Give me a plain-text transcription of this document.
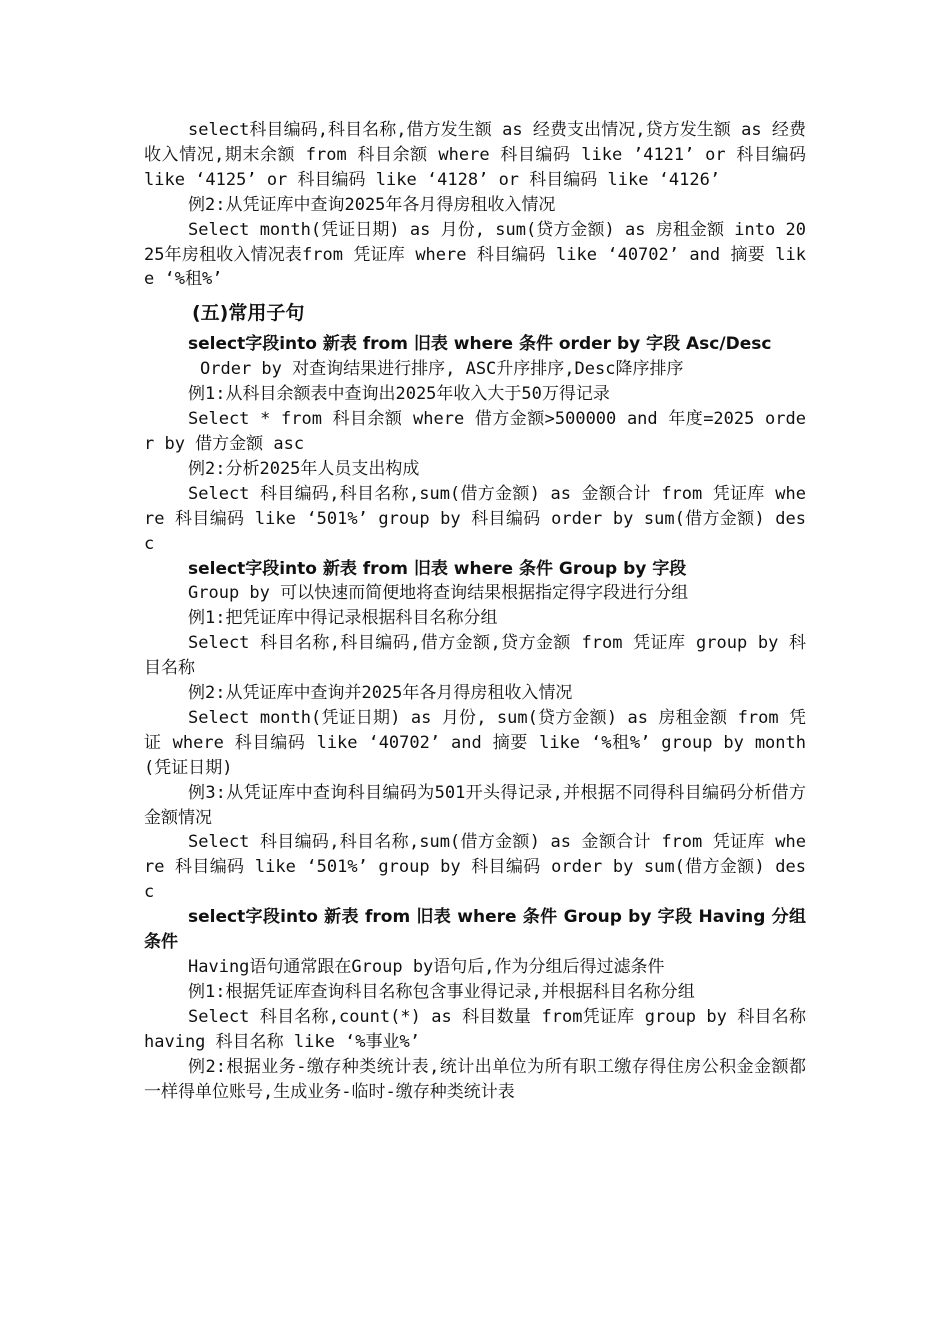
select科目编码,科目名称,借方发生额 as 经费支出情况,贷方发生额 as 经费收入情况,期末余额 from 科目余额 where 科目编码 like ’4121’ or 科目编码 like ‘4125’ or 科目编码 like ‘4128’ or 科目编码 like ‘4126’

例2:从凭证库中查询2025年各月得房租收入情况

Select month(凭证日期) as 月份, sum(贷方金额) as 房租金额 into 2025年房租收入情况表from 凭证库 where 科目编码 like ‘40702’ and 摘要 like ‘%租%’

(五)常用子句

select字段into 新表 from 旧表 where 条件 order by 字段 Asc/Desc

Order by 对查询结果进行排序, ASC升序排序,Desc降序排序

例1:从科目余额表中查询出2025年收入大于50万得记录

Select * from 科目余额 where 借方金额>500000 and 年度=2025 order by 借方金额 asc

例2:分析2025年人员支出构成

Select 科目编码,科目名称,sum(借方金额) as 金额合计 from 凭证库 where 科目编码 like ‘501%’ group by 科目编码 order by sum(借方金额) desc

select字段into 新表 from 旧表 where 条件 Group by 字段

Group by 可以快速而简便地将查询结果根据指定得字段进行分组

例1:把凭证库中得记录根据科目名称分组

Select 科目名称,科目编码,借方金额,贷方金额 from 凭证库 group by 科目名称

例2:从凭证库中查询并2025年各月得房租收入情况

Select month(凭证日期) as 月份, sum(贷方金额) as 房租金额 from 凭证 where 科目编码 like ‘40702’ and 摘要 like ‘%租%’ group by month(凭证日期)

例3:从凭证库中查询科目编码为501开头得记录,并根据不同得科目编码分析借方金额情况

Select 科目编码,科目名称,sum(借方金额) as 金额合计 from 凭证库 where 科目编码 like ‘501%’ group by 科目编码 order by sum(借方金额) desc

select字段into 新表 from 旧表 where 条件 Group by 字段 Having 分组条件

Having语句通常跟在Group by语句后,作为分组后得过滤条件

例1:根据凭证库查询科目名称包含事业得记录,并根据科目名称分组

Select 科目名称,count(*) as 科目数量 from凭证库 group by 科目名称 having 科目名称 like ‘%事业%’

例2:根据业务-缴存种类统计表,统计出单位为所有职工缴存得住房公积金金额都一样得单位账号,生成业务-临时-缴存种类统计表
